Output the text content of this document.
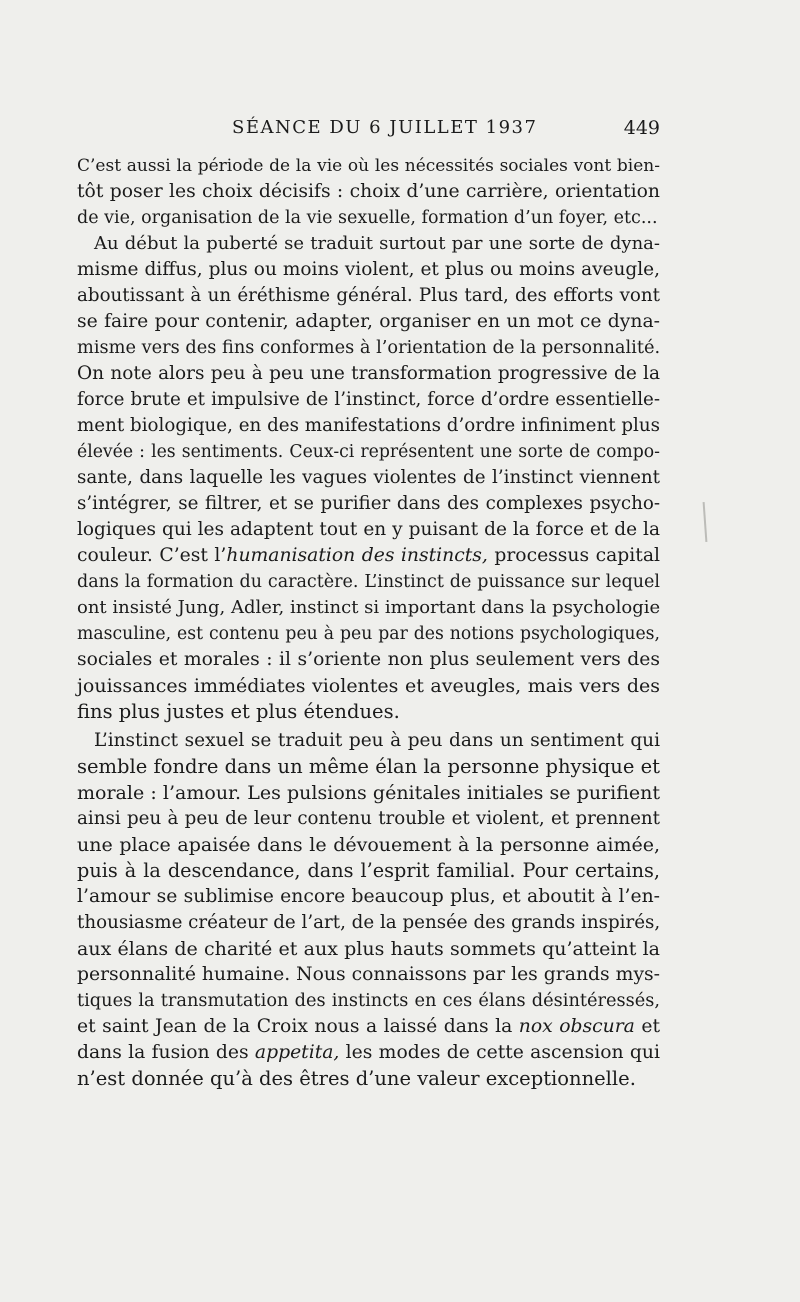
SÉANCE DU 6 JUILLET 1937	449
C’est aussi la période de la vie où les nécessités sociales vont bien-
tôt poser les choix décisifs : choix d’une carrière, orientation
de vie, organisation de la vie sexuelle, formation d’un foyer, etc...
Au début la puberté se traduit surtout par une sorte de dyna-
misme diffus, plus ou moins violent, et plus ou moins aveugle,
aboutissant à un éréthisme général. Plus tard, des efforts vont
se faire pour contenir, adapter, organiser en un mot ce dyna-
misme vers des fins conformes à l’orientation de la personnalité.
On note alors peu à peu une transformation progressive de la
force brute et impulsive de l’instinct, force d’ordre essentielle-
ment biologique, en des manifestations d’ordre infiniment plus
élevée : les sentiments. Ceux-ci représentent une sorte de compo-
sante, dans laquelle les vagues violentes de l’instinct viennent
s’intégrer, se filtrer, et se purifier dans des complexes psycho-
logiques qui les adaptent tout en y puisant de la force et de la
couleur. C’est l’humanisation des instincts, processus capital
dans la formation du caractère. L’instinct de puissance sur lequel
ont insisté Jung, Adler, instinct si important dans la psychologie
masculine, est contenu peu à peu par des notions psychologiques,
sociales et morales : il s’oriente non plus seulement vers des
jouissances immédiates violentes et aveugles, mais vers des
fins plus justes et plus étendues.
L’instinct sexuel se traduit peu à peu dans un sentiment qui
semble fondre dans un même élan la personne physique et
morale : l’amour. Les pulsions génitales initiales se purifient
ainsi peu à peu de leur contenu trouble et violent, et prennent
une place apaisée dans le dévouement à la personne aimée,
puis à la descendance, dans l’esprit familial. Pour certains,
l’amour se sublimise encore beaucoup plus, et aboutit à l’en-
thousiasme créateur de l’art, de la pensée des grands inspirés,
aux élans de charité et aux plus hauts sommets qu’atteint la
personnalité humaine. Nous connaissons par les grands mys-
tiques la transmutation des instincts en ces élans désintéressés,
et saint Jean de la Croix nous a laissé dans la nox obscura et
dans la fusion des appetita, les modes de cette ascension qui
n’est donnée qu’à des êtres d’une valeur exceptionnelle.
